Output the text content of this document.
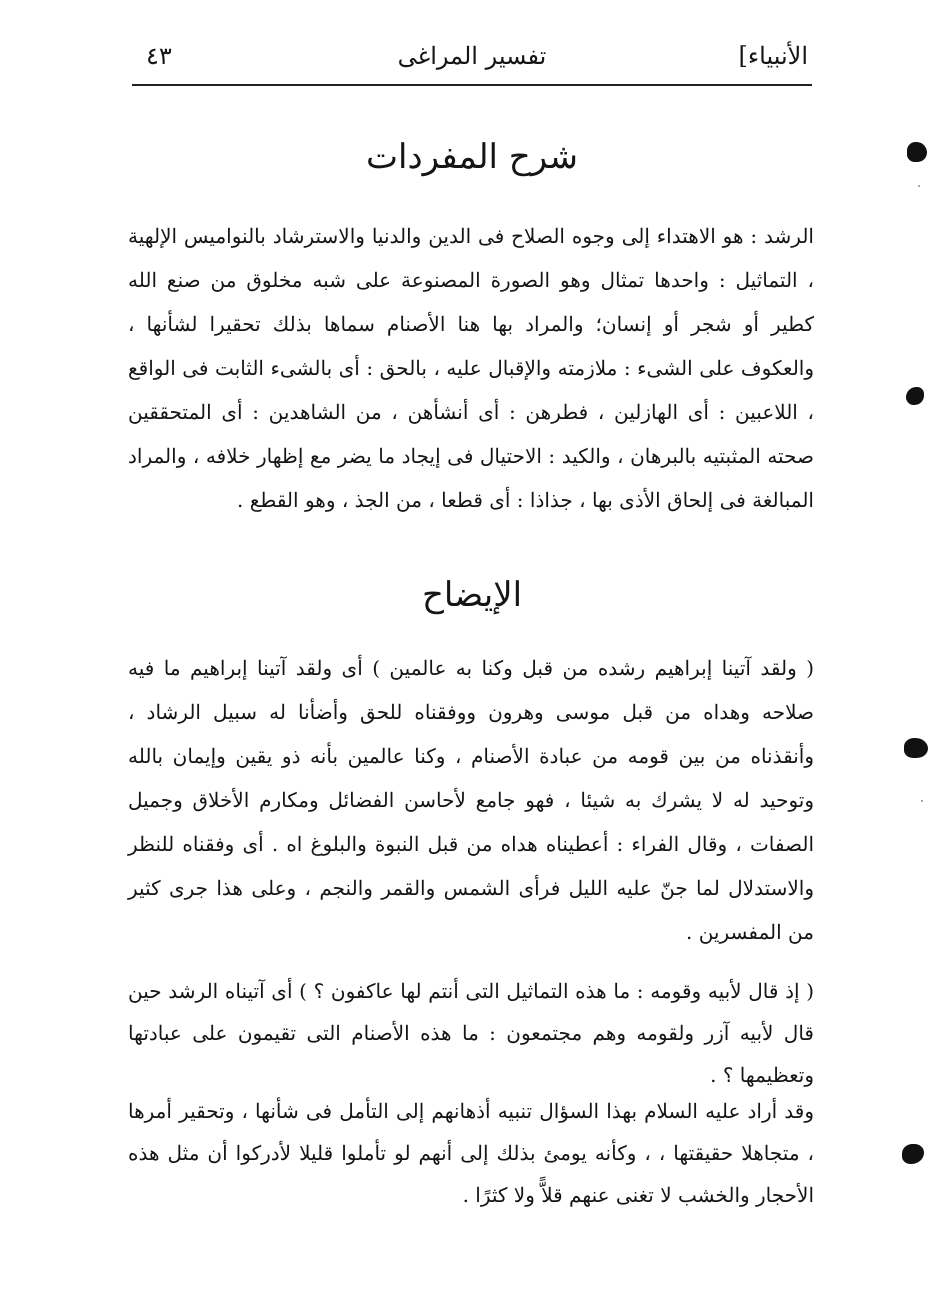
الأنبياء]
تفسير المراغى
٤٣
شرح المفردات

الرشد : هو الاهتداء إلى وجوه الصلاح فى الدين والدنيا والاسترشاد بالنواميس الإلهية ، التماثيل : واحدها تمثال وهو الصورة المصنوعة على شبه مخلوق من صنع الله كطير أو شجر أو إنسان؛ والمراد بها هنا الأصنام سماها بذلك تحقيرا لشأنها ، والعكوف على الشىء : ملازمته والإقبال عليه ، بالحق : أى بالشىء الثابت فى الواقع ، اللاعبين : أى الهازلين ، فطرهن : أى أنشأهن ، من الشاهدين : أى المتحققين صحته المثبتيه بالبرهان ، والكيد : الاحتيال فى إيجاد ما يضر مع إظهار خلافه ، والمراد المبالغة فى إلحاق الأذى بها ، جذاذا : أى قطعا ، من الجذ ، وهو القطع .

الإيضاح

( ولقد آتينا إبراهيم رشده من قبل وكنا به عالمين ) أى ولقد آتينا إبراهيم ما فيه صلاحه وهداه من قبل موسى وهرون ووفقناه للحق وأضأنا له سبيل الرشاد ، وأنقذناه من بين قومه من عبادة الأصنام ، وكنا عالمين بأنه ذو يقين وإيمان بالله وتوحيد له لا يشرك به شيئا ، فهو جامع لأحاسن الفضائل ومكارم الأخلاق وجميل الصفات ، وقال الفراء : أعطيناه هداه من قبل النبوة والبلوغ اه . أى وفقناه للنظر والاستدلال لما جنّ عليه الليل فرأى الشمس والقمر والنجم ، وعلى هذا جرى كثير من المفسرين .

( إذ قال لأبيه وقومه : ما هذه التماثيل التى أنتم لها عاكفون ؟ ) أى آتيناه الرشد حين قال لأبيه آزر ولقومه وهم مجتمعون : ما هذه الأصنام التى تقيمون على عبادتها وتعظيمها ؟ .

وقد أراد عليه السلام بهذا السؤال تنبيه أذهانهم إلى التأمل فى شأنها ، وتحقير أمرها ، متجاهلا حقيقتها ، ، وكأنه يومئ بذلك إلى أنهم لو تأملوا قليلا لأدركوا أن مثل هذه الأحجار والخشب لا تغنى عنهم قلاًّ ولا كثرًا .
